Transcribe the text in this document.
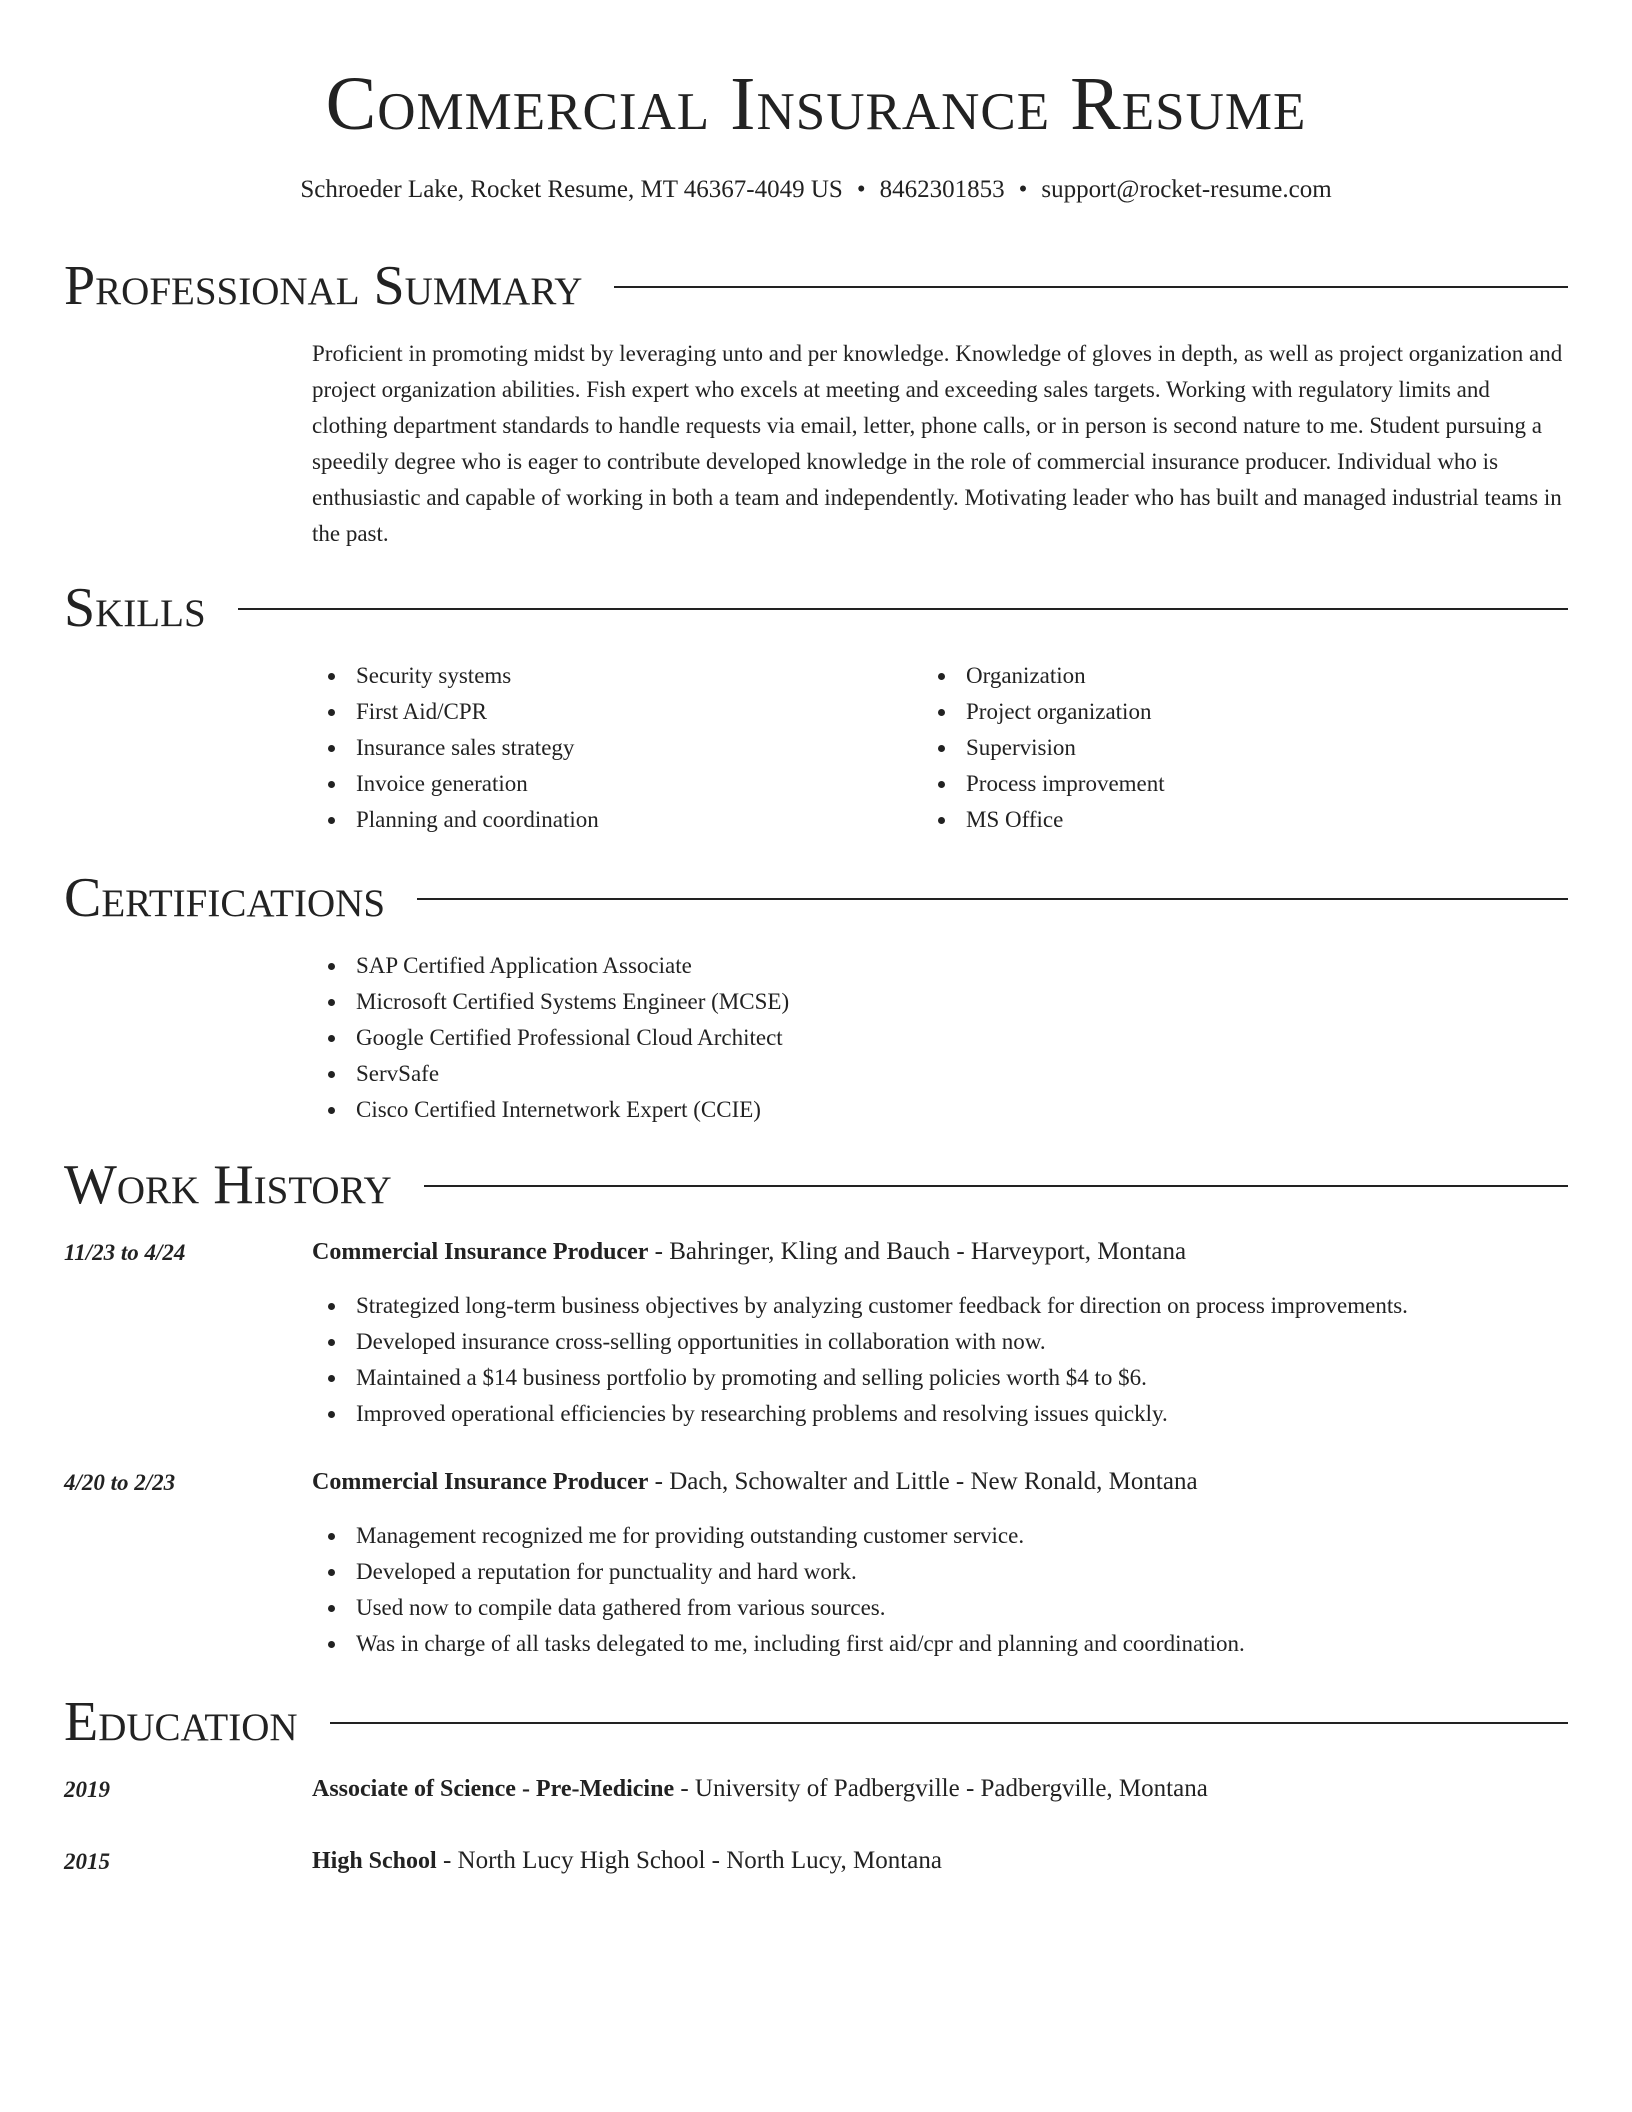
Commercial Insurance Resume
Schroeder Lake, Rocket Resume, MT 46367-4049 US • 8462301853 • support@rocket-resume.com
Professional Summary

Proficient in promoting midst by leveraging unto and per knowledge. Knowledge of gloves in depth, as well as project organization and project organization abilities. Fish expert who excels at meeting and exceeding sales targets. Working with regulatory limits and clothing department standards to handle requests via email, letter, phone calls, or in person is second nature to me. Student pursuing a speedily degree who is eager to contribute developed knowledge in the role of commercial insurance producer. Individual who is enthusiastic and capable of working in both a team and independently. Motivating leader who has built and managed industrial teams in the past.

Skills
Security systems
First Aid/CPR
Insurance sales strategy
Invoice generation
Planning and coordination
Organization
Project organization
Supervision
Process improvement
MS Office
Certifications
SAP Certified Application Associate
Microsoft Certified Systems Engineer (MCSE)
Google Certified Professional Cloud Architect
ServSafe
Cisco Certified Internetwork Expert (CCIE)
Work History
11/23 to 4/24	Commercial Insurance Producer - Bahringer, Kling and Bauch - Harveyport, Montana
Strategized long-term business objectives by analyzing customer feedback for direction on process improvements.
Developed insurance cross-selling opportunities in collaboration with now.
Maintained a $14 business portfolio by promoting and selling policies worth $4 to $6.
Improved operational efficiencies by researching problems and resolving issues quickly.
4/20 to 2/23	Commercial Insurance Producer - Dach, Schowalter and Little - New Ronald, Montana
Management recognized me for providing outstanding customer service.
Developed a reputation for punctuality and hard work.
Used now to compile data gathered from various sources.
Was in charge of all tasks delegated to me, including first aid/cpr and planning and coordination.
Education
2019	Associate of Science - Pre-Medicine - University of Padbergville - Padbergville, Montana
2015	High School - North Lucy High School - North Lucy, Montana
